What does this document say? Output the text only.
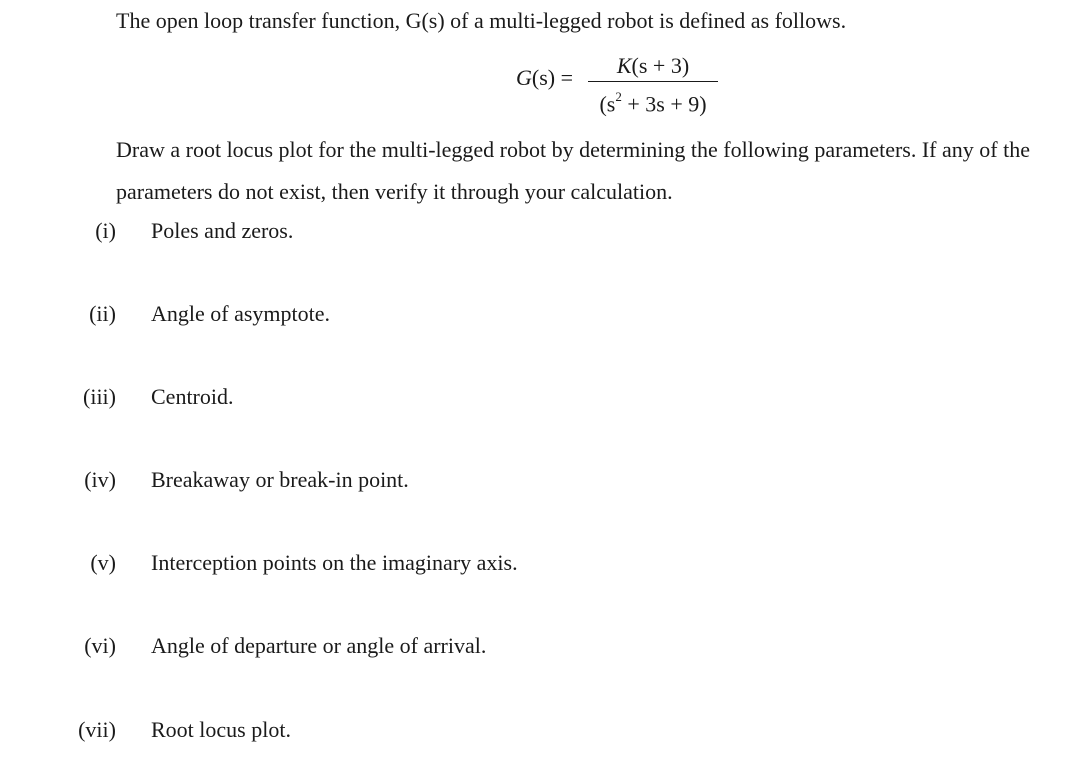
The open loop transfer function, G(s) of a multi-legged robot is defined as follows.

G(s) =	K(s + 3)
$(s^2 + 3s + 9)$

Draw a root locus plot for the multi-legged robot by determining the following parameters. If any of the parameters do not exist, then verify it through your calculation.

(i) Poles and zeros.
(ii) Angle of asymptote.
(iii) Centroid.
(iv) Breakaway or break-in point.
(v) Interception points on the imaginary axis.
(vi) Angle of departure or angle of arrival.
(vii) Root locus plot.
